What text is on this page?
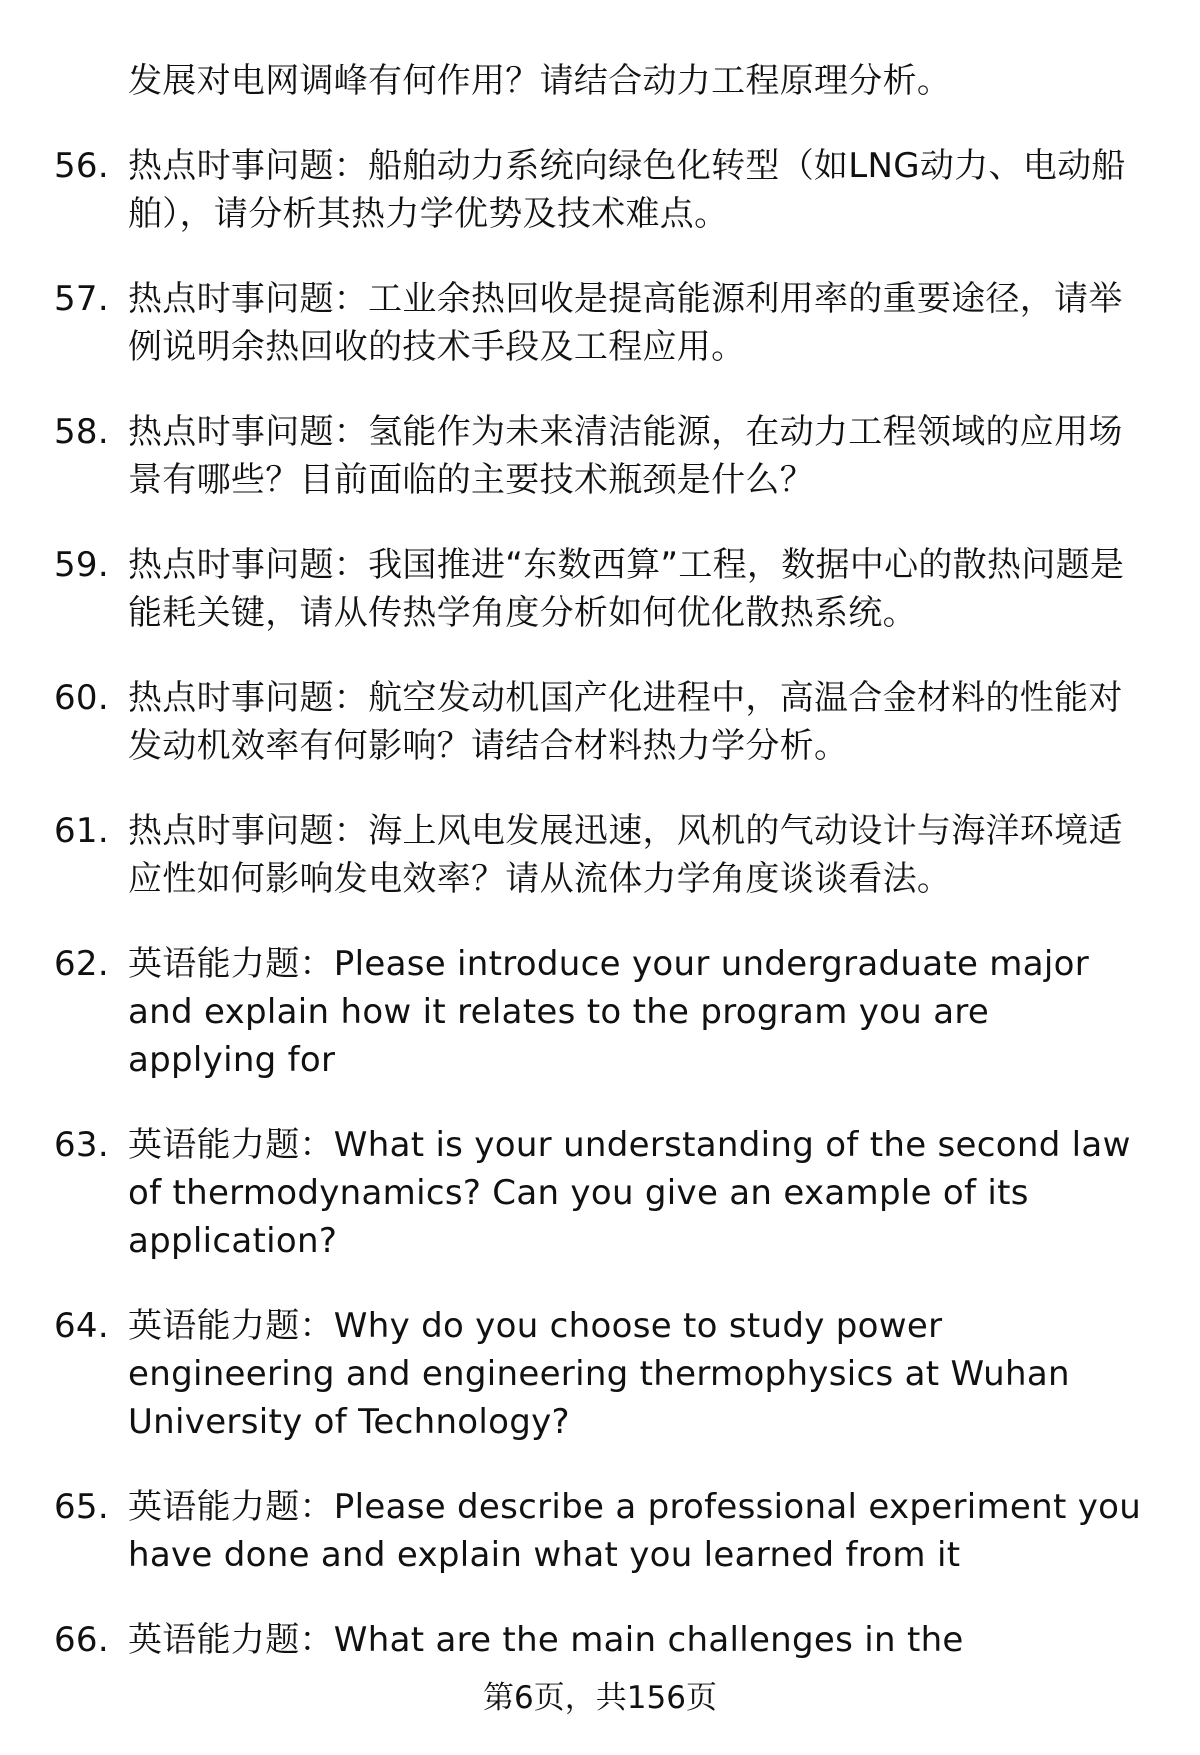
发展对电网调峰有何作用？请结合动力工程原理分析。
56. 热点时事问题：船舶动力系统向绿色化转型（如LNG动力、电动船舶），请分析其热力学优势及技术难点。
57. 热点时事问题：工业余热回收是提高能源利用率的重要途径，请举例说明余热回收的技术手段及工程应用。
58. 热点时事问题：氢能作为未来清洁能源，在动力工程领域的应用场景有哪些？目前面临的主要技术瓶颈是什么？
59. 热点时事问题：我国推进“东数西算”工程，数据中心的散热问题是能耗关键，请从传热学角度分析如何优化散热系统。
60. 热点时事问题：航空发动机国产化进程中，高温合金材料的性能对发动机效率有何影响？请结合材料热力学分析。
61. 热点时事问题：海上风电发展迅速，风机的气动设计与海洋环境适应性如何影响发电效率？请从流体力学角度谈谈看法。
62. 英语能力题：Please introduce your undergraduate major and explain how it relates to the program you are applying for
63. 英语能力题：What is your understanding of the second law of thermodynamics? Can you give an example of its application?
64. 英语能力题：Why do you choose to study power engineering and engineering thermophysics at Wuhan University of Technology?
65. 英语能力题：Please describe a professional experiment you have done and explain what you learned from it
66. 英语能力题：What are the main challenges in the
第6页，共156页
